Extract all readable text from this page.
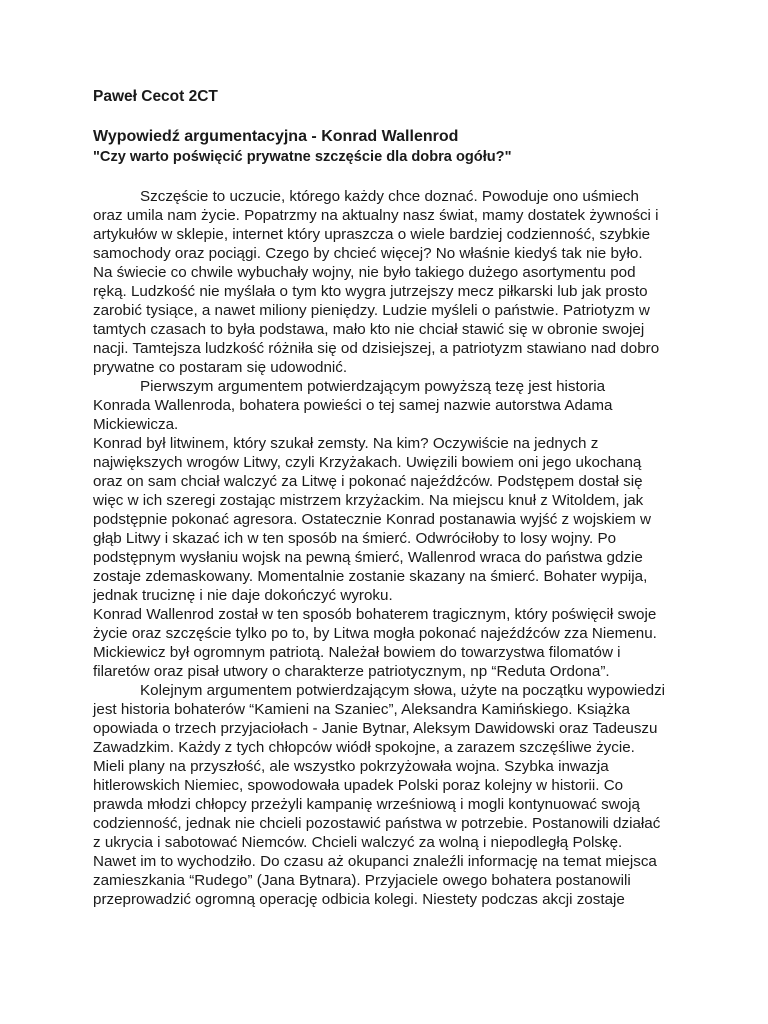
Paweł Cecot 2CT
Wypowiedź argumentacyjna - Konrad Wallenrod
"Czy warto poświęcić prywatne szczęście dla dobra ogółu?"
Szczęście to uczucie, którego każdy chce doznać. Powoduje ono uśmiech
oraz umila nam życie. Popatrzmy na aktualny nasz świat, mamy dostatek żywności i
artykułów w sklepie, internet który upraszcza o wiele bardziej codzienność, szybkie
samochody oraz pociągi. Czego by chcieć więcej? No właśnie kiedyś tak nie było.
Na świecie co chwile wybuchały wojny, nie było takiego dużego asortymentu pod
ręką. Ludzkość nie myślała o tym kto wygra jutrzejszy mecz piłkarski lub jak prosto
zarobić tysiące, a nawet miliony pieniędzy. Ludzie myśleli o państwie. Patriotyzm w
tamtych czasach to była podstawa, mało kto nie chciał stawić się w obronie swojej
nacji. Tamtejsza ludzkość różniła się od dzisiejszej, a patriotyzm stawiano nad dobro
prywatne co postaram się udowodnić.
Pierwszym argumentem potwierdzającym powyższą tezę jest historia
Konrada Wallenroda, bohatera powieści o tej samej nazwie autorstwa Adama
Mickiewicza.
Konrad był litwinem, który szukał zemsty. Na kim? Oczywiście na jednych z
największych wrogów Litwy, czyli Krzyżakach. Uwięzili bowiem oni jego ukochaną
oraz on sam chciał walczyć za Litwę i pokonać najeźdźców. Podstępem dostał się
więc w ich szeregi zostając mistrzem krzyżackim. Na miejscu knuł z Witoldem, jak
podstępnie pokonać agresora. Ostatecznie Konrad postanawia wyjść z wojskiem w
głąb Litwy i skazać ich w ten sposób na śmierć. Odwróciłoby to losy wojny. Po
podstępnym wysłaniu wojsk na pewną śmierć, Wallenrod wraca do państwa gdzie
zostaje zdemaskowany. Momentalnie zostanie skazany na śmierć. Bohater wypija,
jednak truciznę i nie daje dokończyć wyroku.
Konrad Wallenrod został w ten sposób bohaterem tragicznym, który poświęcił swoje
życie oraz szczęście tylko po to, by Litwa mogła pokonać najeźdźców zza Niemenu.
Mickiewicz był ogromnym patriotą. Należał bowiem do towarzystwa filomatów i
filaretów oraz pisał utwory o charakterze patriotycznym, np “Reduta Ordona”.
Kolejnym argumentem potwierdzającym słowa, użyte na początku wypowiedzi
jest historia bohaterów “Kamieni na Szaniec”, Aleksandra Kamińskiego. Książka
opowiada o trzech przyjaciołach - Janie Bytnar, Aleksym Dawidowski oraz Tadeuszu
Zawadzkim. Każdy z tych chłopców wiódł spokojne, a zarazem szczęśliwe życie.
Mieli plany na przyszłość, ale wszystko pokrzyżowała wojna. Szybka inwazja
hitlerowskich Niemiec, spowodowała upadek Polski poraz kolejny w historii. Co
prawda młodzi chłopcy przeżyli kampanię wrześniową i mogli kontynuować swoją
codzienność, jednak nie chcieli pozostawić państwa w potrzebie. Postanowili działać
z ukrycia i sabotować Niemców. Chcieli walczyć za wolną i niepodległą Polskę.
Nawet im to wychodziło. Do czasu aż okupanci znaleźli informację na temat miejsca
zamieszkania “Rudego” (Jana Bytnara). Przyjaciele owego bohatera postanowili
przeprowadzić ogromną operację odbicia kolegi. Niestety podczas akcji zostaje
